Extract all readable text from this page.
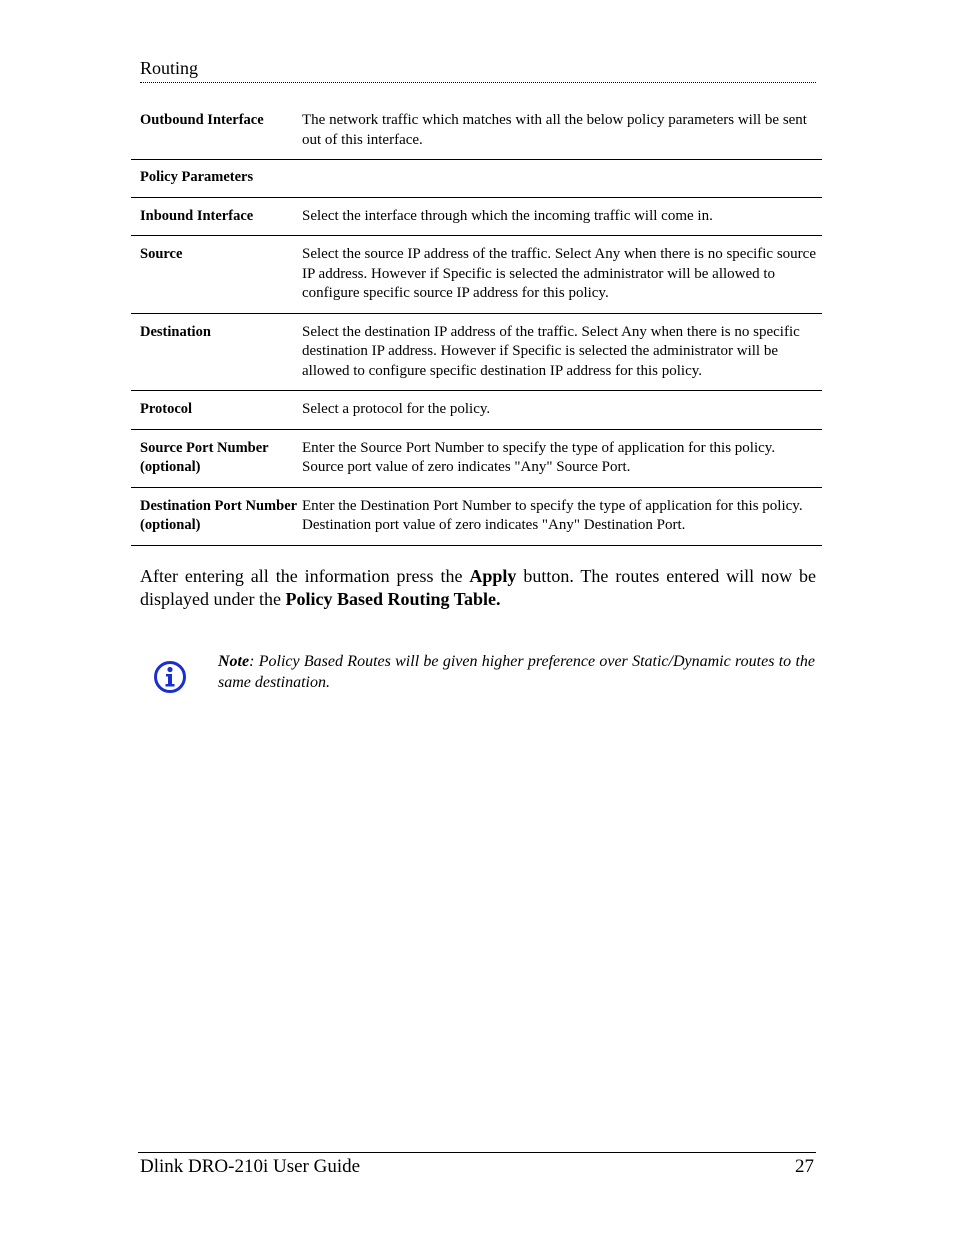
Routing
Outbound Interface	The network traffic which matches with all the below policy parameters will be sent out of this interface.
Policy Parameters	
Inbound Interface	Select the interface through which the incoming traffic will come in.
Source	Select the source IP address of the traffic. Select Any when there is no specific source IP address. However if Specific is selected the administrator will be allowed to configure specific source IP address for this policy.
Destination	Select the destination IP address of the traffic. Select Any when there is no specific destination IP address. However if Specific is selected the administrator will be allowed to configure specific destination IP address for this policy.
Protocol	Select a protocol for the policy.
Source Port Number (optional)	Enter the Source Port Number to specify the type of application for this policy. Source port value of zero indicates "Any" Source Port.
Destination Port Number (optional)	Enter the Destination Port Number to specify the type of application for this policy. Destination port value of zero indicates "Any" Destination Port.
After entering all the information press the Apply button. The routes entered will now be displayed under the Policy Based Routing Table.
Note: Policy Based Routes will be given higher preference over Static/Dynamic routes to the same destination.
Dlink DRO-210i User Guide	27
